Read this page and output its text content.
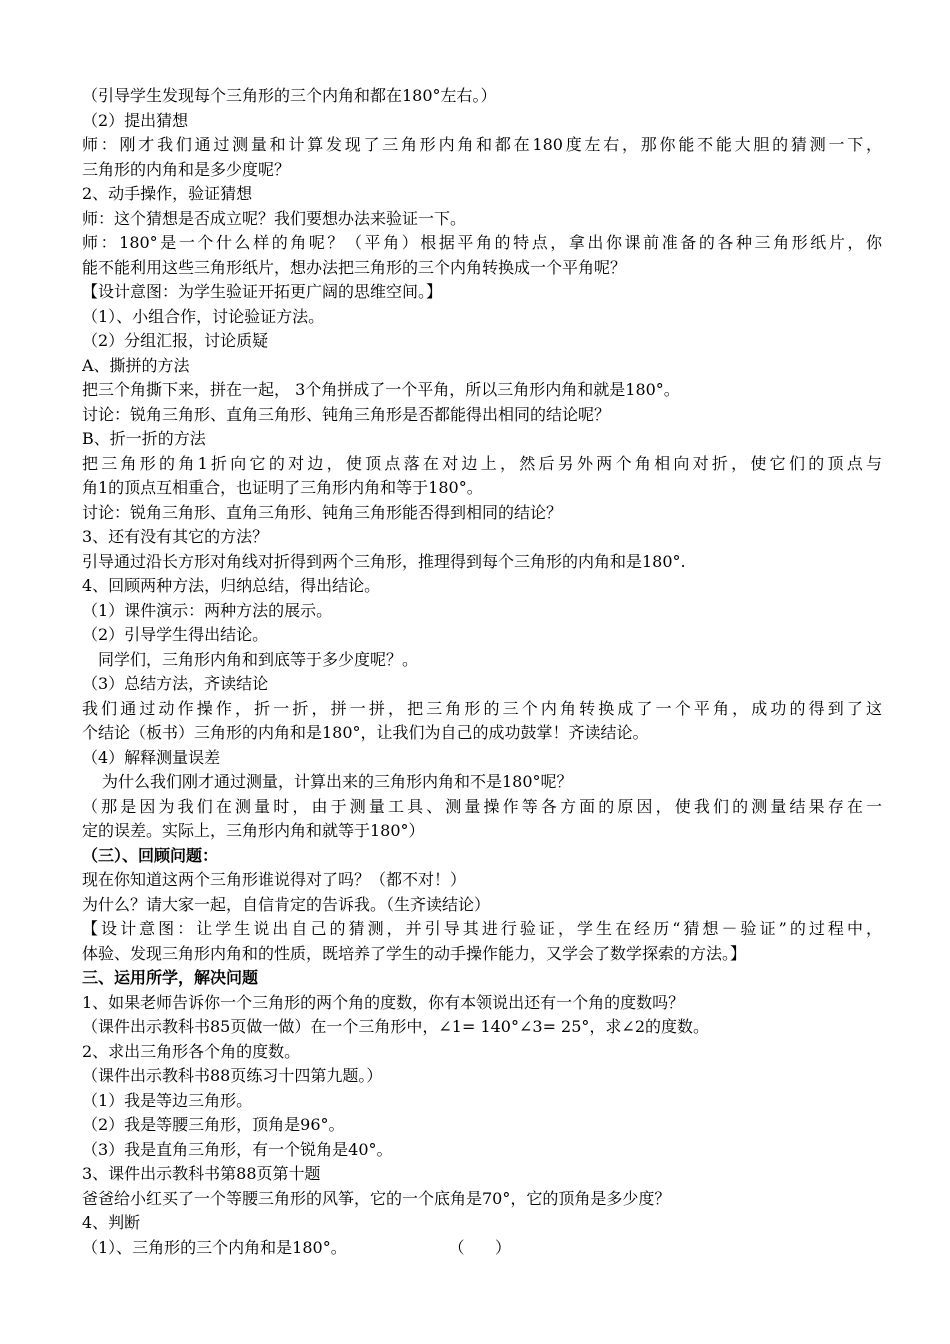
（引导学生发现每个三角形的三个内角和都在180°左右。）
（2）提出猜想
师：刚才我们通过测量和计算发现了三角形内角和都在180度左右，那你能不能大胆的猜测一下，
三角形的内角和是多少度呢？
2、动手操作，验证猜想
师：这个猜想是否成立呢？我们要想办法来验证一下。
师：180°是一个什么样的角呢？（平角）根据平角的特点，拿出你课前准备的各种三角形纸片，你
能不能利用这些三角形纸片，想办法把三角形的三个内角转换成一个平角呢？
【设计意图：为学生验证开拓更广阔的思维空间。】
（1）、小组合作，讨论验证方法。
（2）分组汇报，讨论质疑
A、撕拼的方法
把三个角撕下来，拼在一起， 3个角拼成了一个平角，所以三角形内角和就是180°。
讨论：锐角三角形、直角三角形、钝角三角形是否都能得出相同的结论呢？
B、折一折的方法
把三角形的角1折向它的对边，使顶点落在对边上，然后另外两个角相向对折，使它们的顶点与
角1的顶点互相重合，也证明了三角形内角和等于180°。
讨论：锐角三角形、直角三角形、钝角三角形能否得到相同的结论？
3、还有没有其它的方法？
引导通过沿长方形对角线对折得到两个三角形，推理得到每个三角形的内角和是180°.
4、回顾两种方法，归纳总结，得出结论。
（1）课件演示：两种方法的展示。
（2）引导学生得出结论。
同学们，三角形内角和到底等于多少度呢？。
（3）总结方法，齐读结论
我们通过动作操作，折一折，拼一拼，把三角形的三个内角转换成了一个平角，成功的得到了这
个结论（板书）三角形的内角和是180°，让我们为自己的成功鼓掌！齐读结论。
（4）解释测量误差
为什么我们刚才通过测量，计算出来的三角形内角和不是180°呢？
（那是因为我们在测量时，由于测量工具、测量操作等各方面的原因，使我们的测量结果存在一
定的误差。实际上，三角形内角和就等于180°）
（三）、回顾问题：
现在你知道这两个三角形谁说得对了吗？（都不对！）
为什么？请大家一起，自信肯定的告诉我。（生齐读结论）
【设计意图：让学生说出自己的猜测，并引导其进行验证，学生在经历“猜想－验证”的过程中，
体验、发现三角形内角和的性质，既培养了学生的动手操作能力，又学会了数学探索的方法。】
三、运用所学，解决问题
1、如果老师告诉你一个三角形的两个角的度数，你有本领说出还有一个角的度数吗？
（课件出示教科书85页做一做）在一个三角形中，∠1= 140°∠3= 25°，求∠2的度数。
2、求出三角形各个角的度数。
（课件出示教科书88页练习十四第九题。）
（1）我是等边三角形。
（2）我是等腰三角形，顶角是96°。
（3）我是直角三角形，有一个锐角是40°。
3、课件出示教科书第88页第十题
爸爸给小红买了一个等腰三角形的风筝，它的一个底角是70°，它的顶角是多少度？
4、判断
（1）、三角形的三个内角和是180°。                    （      ）
